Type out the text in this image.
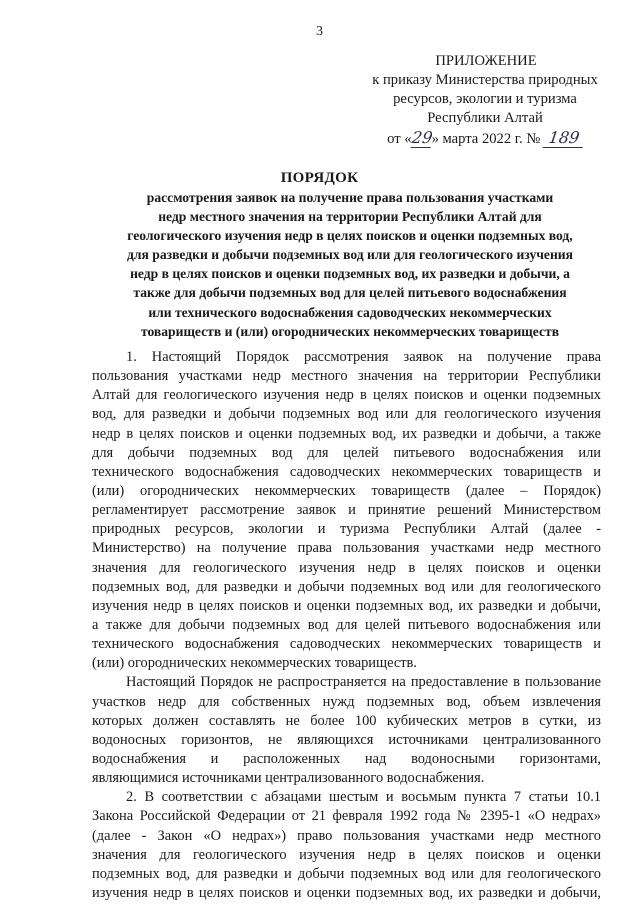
3
ПРИЛОЖЕНИЕ
к приказу Министерства природных
ресурсов, экологии и туризма
Республики Алтай
от «29» марта 2022 г. № 189
ПОРЯДОК
рассмотрения заявок на получение права пользования участками
недр местного значения на территории Республики Алтай для
геологического изучения недр в целях поисков и оценки подземных вод,
для разведки и добычи подземных вод или для геологического изучения
недр в целях поисков и оценки подземных вод, их разведки и добычи, а
также для добычи подземных вод для целей питьевого водоснабжения
или технического водоснабжения садоводческих некоммерческих
товариществ и (или) огороднических некоммерческих товариществ
1. Настоящий Порядок рассмотрения заявок на получение права
пользования участками недр местного значения на территории Республики
Алтай для геологического изучения недр в целях поисков и оценки подземных
вод, для разведки и добычи подземных вод или для геологического изучения
недр в целях поисков и оценки подземных вод, их разведки и добычи, а также
для добычи подземных вод для целей питьевого водоснабжения или
технического водоснабжения садоводческих некоммерческих товариществ и
(или) огороднических некоммерческих товариществ (далее – Порядок)
регламентирует рассмотрение заявок и принятие решений Министерством
природных ресурсов, экологии и туризма Республики Алтай (далее -
Министерство) на получение права пользования участками недр местного
значения для геологического изучения недр в целях поисков и оценки
подземных вод, для разведки и добычи подземных вод или для геологического
изучения недр в целях поисков и оценки подземных вод, их разведки и добычи,
а также для добычи подземных вод для целей питьевого водоснабжения или
технического водоснабжения садоводческих некоммерческих товариществ и
(или) огороднических некоммерческих товариществ.
Настоящий Порядок не распространяется на предоставление в пользование
участков недр для собственных нужд подземных вод, объем извлечения
которых должен составлять не более 100 кубических метров в сутки, из
водоносных горизонтов, не являющихся источниками централизованного
водоснабжения и расположенных над водоносными горизонтами,
являющимися источниками централизованного водоснабжения.
2. В соответствии с абзацами шестым и восьмым пункта 7 статьи 10.1
Закона Российской Федерации от 21 февраля 1992 года № 2395-1 «О недрах»
(далее - Закон «О недрах») право пользования участками недр местного
значения для геологического изучения недр в целях поисков и оценки
подземных вод, для разведки и добычи подземных вод или для геологического
изучения недр в целях поисков и оценки подземных вод, их разведки и добычи,
